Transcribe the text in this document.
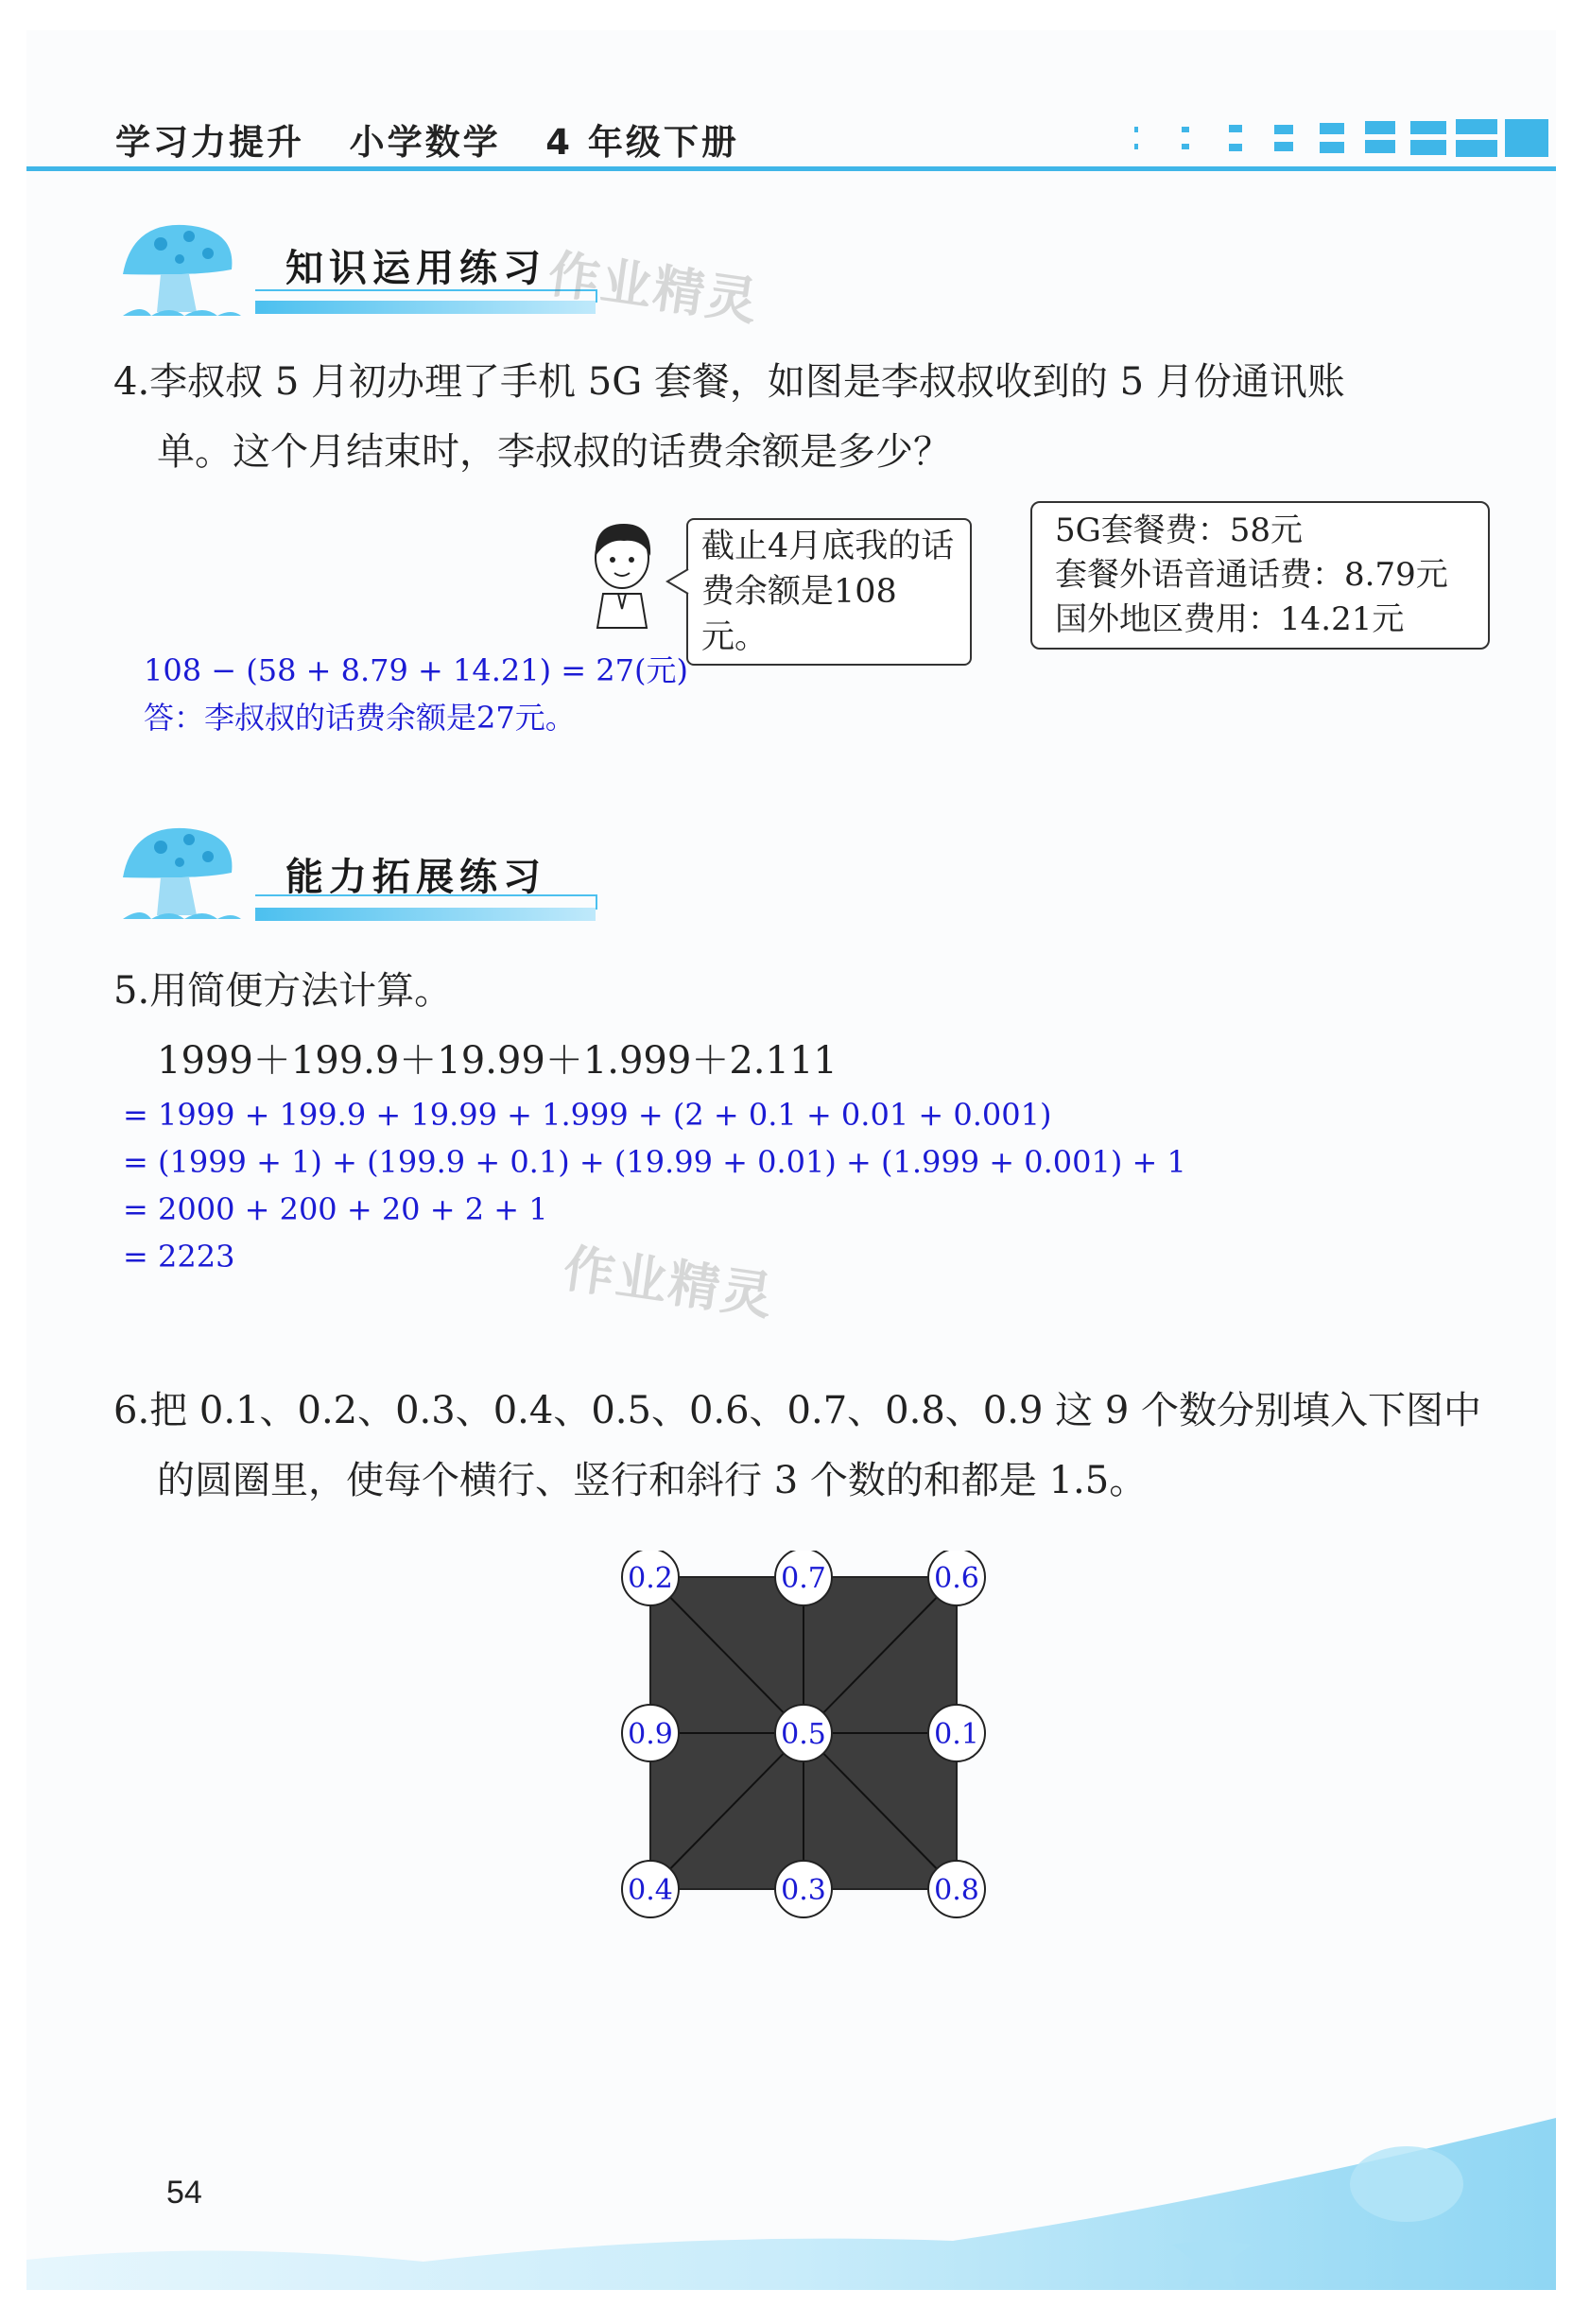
学习力提升   小学数学   4 年级下册
知识运用练习
作业精灵
4.李叔叔 5 月初办理了手机 5G 套餐，如图是李叔叔收到的 5 月份通讯账
单。这个月结束时，李叔叔的话费余额是多少？
截止4月底我的话
费余额是108元。
5G套餐费：58元
套餐外语音通话费：8.79元
国外地区费用：14.21元
108 − (58 + 8.79 + 14.21) = 27(元)
答：李叔叔的话费余额是27元。
能力拓展练习
5.用简便方法计算。
1999＋199.9＋19.99＋1.999＋2.111
= 1999 + 199.9 + 19.99 + 1.999 + (2 + 0.1 + 0.01 + 0.001)
= (1999 + 1) + (199.9 + 0.1) + (19.99 + 0.01) + (1.999 + 0.001) + 1
= 2000 + 200 + 20 + 2 + 1
= 2223	作业精灵
6.把 0.1、0.2、0.3、0.4、0.5、0.6、0.7、0.8、0.9 这 9 个数分别填入下图中
的圆圈里，使每个横行、竖行和斜行 3 个数的和都是 1.5。
0.2	0.7	0.6
0.9	0.5	0.1
0.4	0.3	0.8
54
